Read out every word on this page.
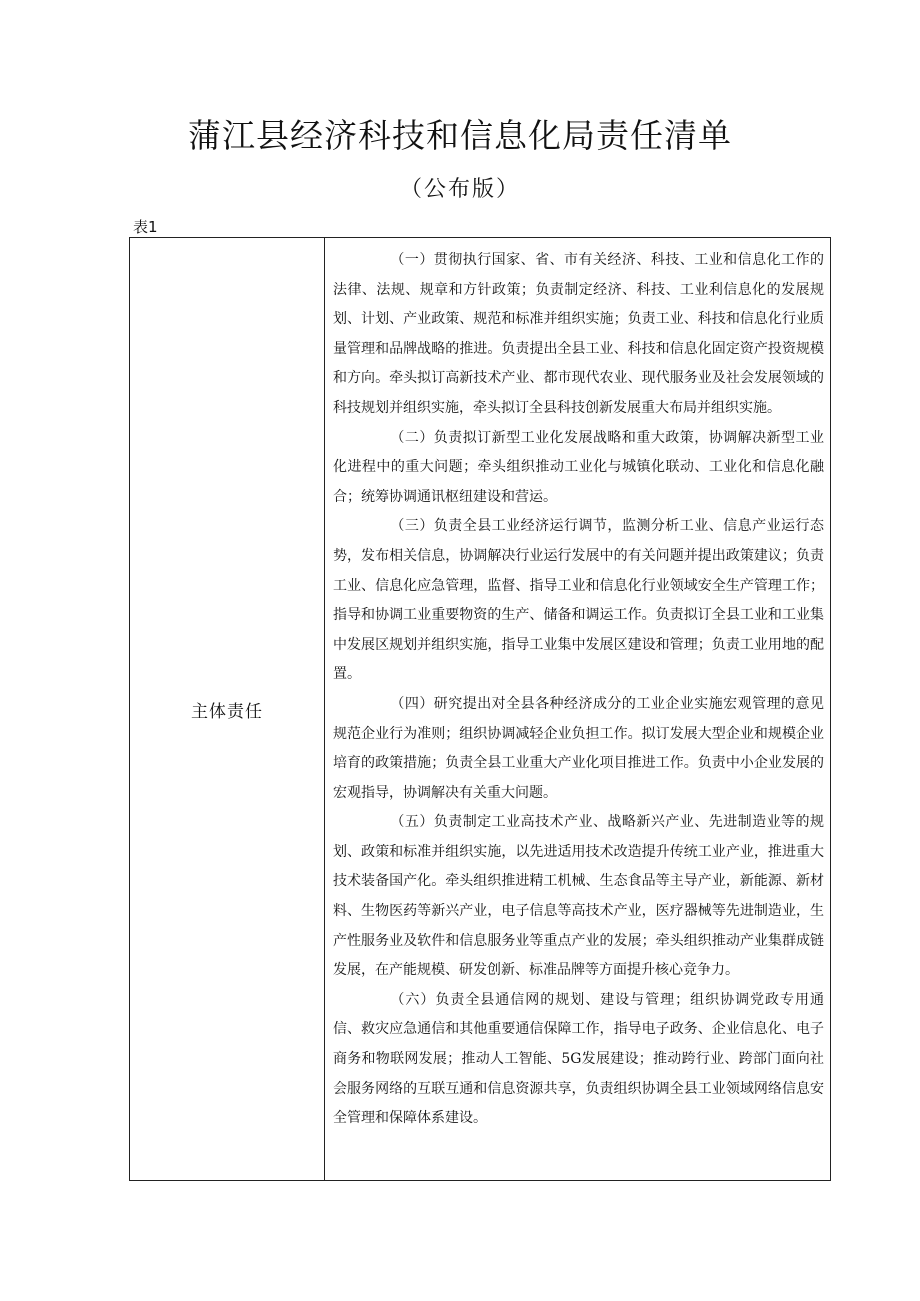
蒲江县经济科技和信息化局责任清单
（公布版）
表1
主体责任

（一）贯彻执行国家、省、市有关经济、科技、工业和信息化工作的法律、法规、规章和方针政策；负责制定经济、科技、工业利信息化的发展规划、计划、产业政策、规范和标准并组织实施；负责工业、科技和信息化行业质量管理和品牌战略的推进。负责提出全县工业、科技和信息化固定资产投资规模和方向。牵头拟订高新技术产业、都市现代农业、现代服务业及社会发展领域的科技规划并组织实施，牵头拟订全县科技创新发展重大布局并组织实施。

（二）负责拟订新型工业化发展战略和重大政策，协调解决新型工业化进程中的重大问题；牵头组织推动工业化与城镇化联动、工业化和信息化融合；统筹协调通讯枢纽建设和营运。

（三）负责全县工业经济运行调节，监测分析工业、信息产业运行态势，发布相关信息，协调解决行业运行发展中的有关问题并提出政策建议；负责工业、信息化应急管理，监督、指导工业和信息化行业领域安全生产管理工作；指导和协调工业重要物资的生产、储备和调运工作。负责拟订全县工业和工业集中发展区规划并组织实施，指导工业集中发展区建设和管理；负责工业用地的配置。

（四）研究提出对全县各种经济成分的工业企业实施宏观管理的意见规范企业行为准则；组织协调减轻企业负担工作。拟订发展大型企业和规模企业培育的政策措施；负责全县工业重大产业化项目推进工作。负责中小企业发展的宏观指导，协调解决有关重大问题。

（五）负责制定工业高技术产业、战略新兴产业、先进制造业等的规划、政策和标准并组织实施，以先进适用技术改造提升传统工业产业，推进重大技术装备国产化。牵头组织推进精工机械、生态食品等主导产业，新能源、新材料、生物医药等新兴产业，电子信息等高技术产业，医疗器械等先进制造业，生产性服务业及软件和信息服务业等重点产业的发展；牵头组织推动产业集群成链发展，在产能规模、研发创新、标准品牌等方面提升核心竞争力。

（六）负责全县通信网的规划、建设与管理；组织协调党政专用通信、救灾应急通信和其他重要通信保障工作，指导电子政务、企业信息化、电子商务和物联网发展；推动人工智能、5G发展建设；推动跨行业、跨部门面向社会服务网络的互联互通和信息资源共享，负责组织协调全县工业领域网络信息安全管理和保障体系建设。
